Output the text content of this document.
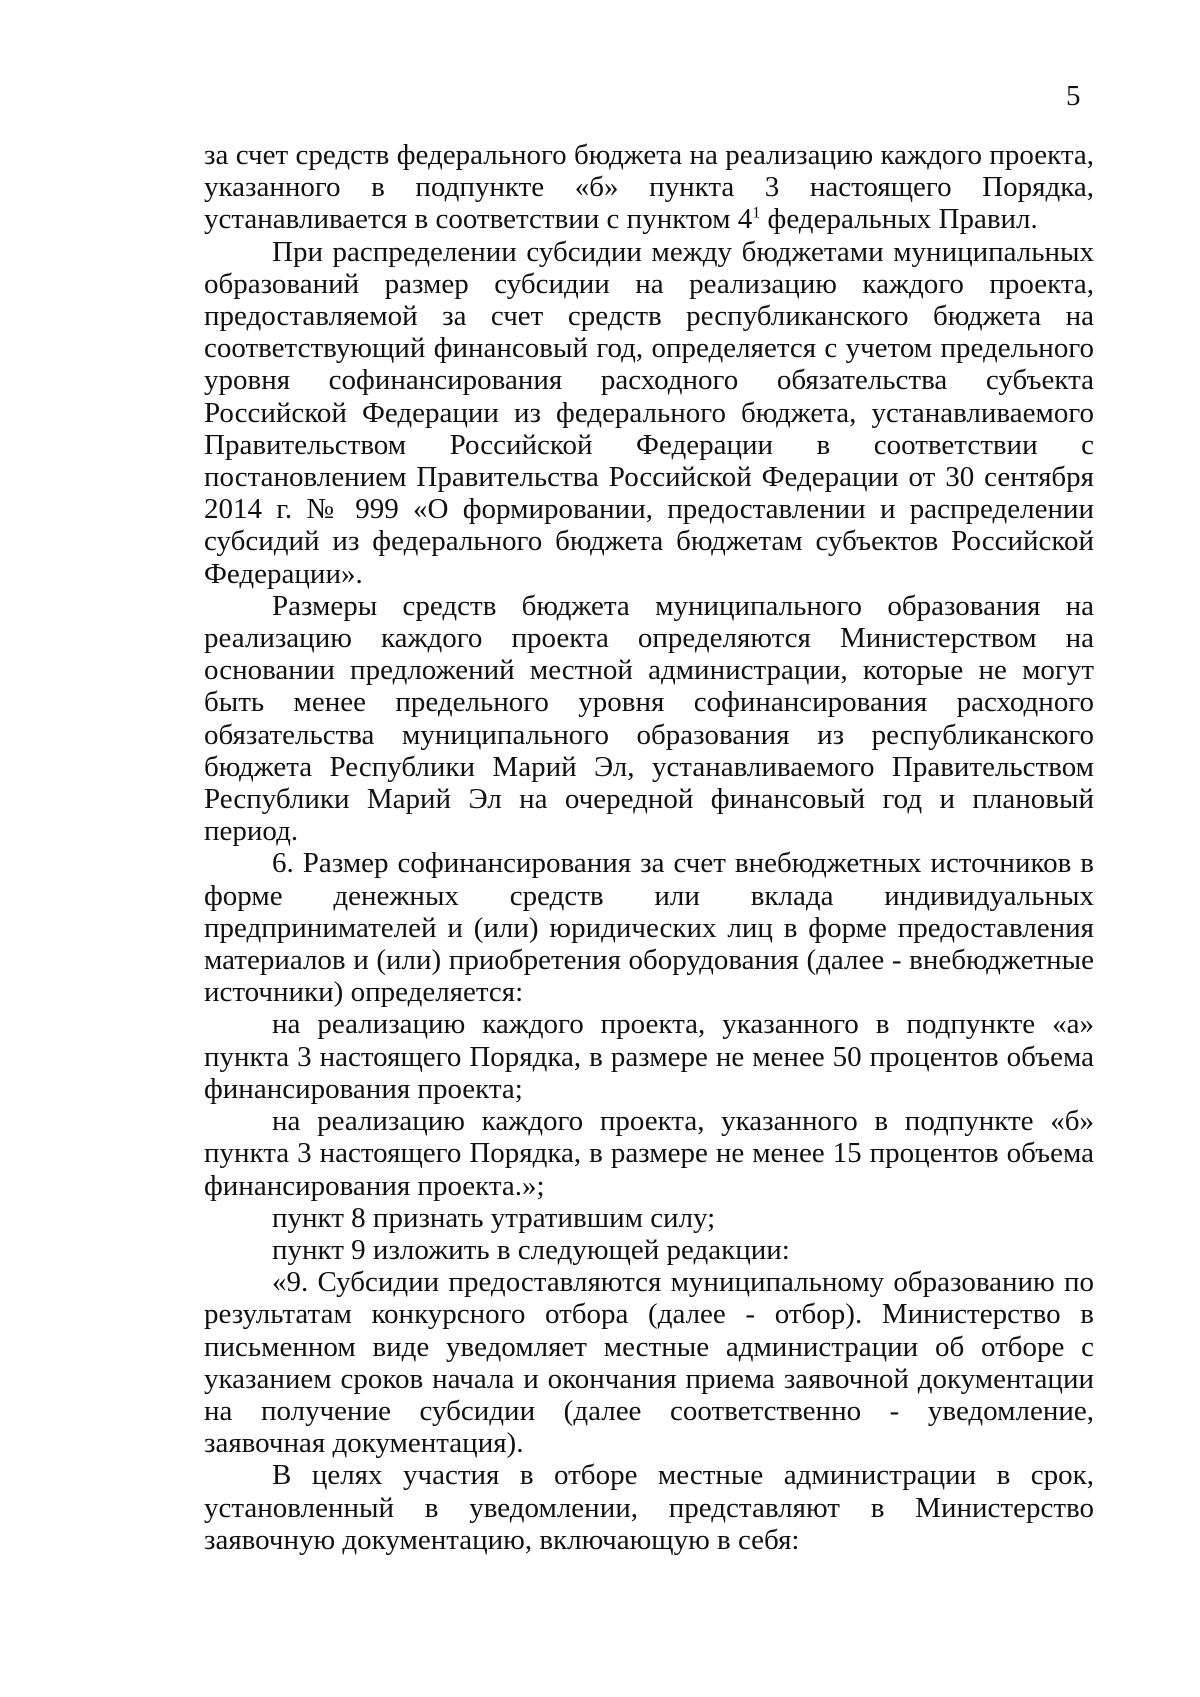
5

за счет средств федерального бюджета на реализацию каждого проекта, указанного в подпункте «б» пункта 3 настоящего Порядка, устанавливается в соответствии с пунктом $4^1$ федеральных Правил.

При распределении субсидии между бюджетами муниципальных образований размер субсидии на реализацию каждого проекта, предоставляемой за счет средств республиканского бюджета на соответствующий финансовый год, определяется с учетом предельного уровня софинансирования расходного обязательства субъекта Российской Федерации из федерального бюджета, устанавливаемого Правительством Российской Федерации в соответствии с постановлением Правительства Российской Федерации от 30 сентября 2014 г. № 999 «О формировании, предоставлении и распределении субсидий из федерального бюджета бюджетам субъектов Российской Федерации».

Размеры средств бюджета муниципального образования на реализацию каждого проекта определяются Министерством на основании предложений местной администрации, которые не могут быть менее предельного уровня софинансирования расходного обязательства муниципального образования из республиканского бюджета Республики Марий Эл, устанавливаемого Правительством Республики Марий Эл на очередной финансовый год и плановый период.

6. Размер софинансирования за счет внебюджетных источников в форме денежных средств или вклада индивидуальных предпринимателей и (или) юридических лиц в форме предоставления материалов и (или) приобретения оборудования (далее - внебюджетные источники) определяется:

на реализацию каждого проекта, указанного в подпункте «а» пункта 3 настоящего Порядка, в размере не менее 50 процентов объема финансирования проекта;

на реализацию каждого проекта, указанного в подпункте «б» пункта 3 настоящего Порядка, в размере не менее 15 процентов объема финансирования проекта.»;

пункт 8 признать утратившим силу;

пункт 9 изложить в следующей редакции:

«9. Субсидии предоставляются муниципальному образованию по результатам конкурсного отбора (далее - отбор). Министерство в письменном виде уведомляет местные администрации об отборе с указанием сроков начала и окончания приема заявочной документации на получение субсидии (далее соответственно - уведомление, заявочная документация).

В целях участия в отборе местные администрации в срок, установленный в уведомлении, представляют в Министерство заявочную документацию, включающую в себя:
